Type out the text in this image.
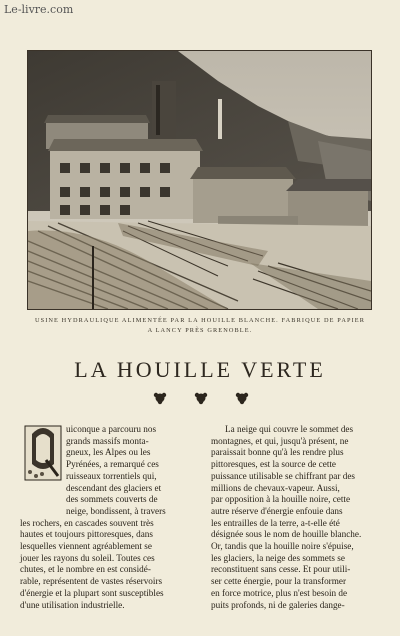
Le-livre.com
USINE HYDRAULIQUE ALIMENTÉE PAR LA HOUILLE BLANCHE. FABRIQUE DE PAPIER
A LANCY PRÈS GRENOBLE.
LA HOUILLE VERTE
uiconque a parcouru nos
grands massifs monta-
gneux, les Alpes ou les
Pyrénées, a remarqué ces
ruisseaux torrentiels qui,
descendant des glaciers et
des sommets couverts de
neige, bondissent, à travers
les rochers, en cascades souvent très
hautes et toujours pittoresques, dans
lesquelles viennent agréablement se
jouer les rayons du soleil. Toutes ces
chutes, et le nombre en est considé-
rable, représentent de vastes réservoirs
d'énergie et la plupart sont susceptibles
d'une utilisation industrielle.
La neige qui couvre le sommet des
montagnes, et qui, jusqu'à présent, ne
paraissait bonne qu'à les rendre plus
pittoresques, est la source de cette
puissance utilisable se chiffrant par des
millions de chevaux-vapeur. Aussi,
par opposition à la houille noire, cette
autre réserve d'énergie enfouie dans
les entrailles de la terre, a-t-elle été
désignée sous le nom de houille blanche.
Or, tandis que la houille noire s'épuise,
les glaciers, la neige des sommets se
reconstituent sans cesse. Et pour utili-
ser cette énergie, pour la transformer
en force motrice, plus n'est besoin de
puits profonds, ni de galeries dange-
